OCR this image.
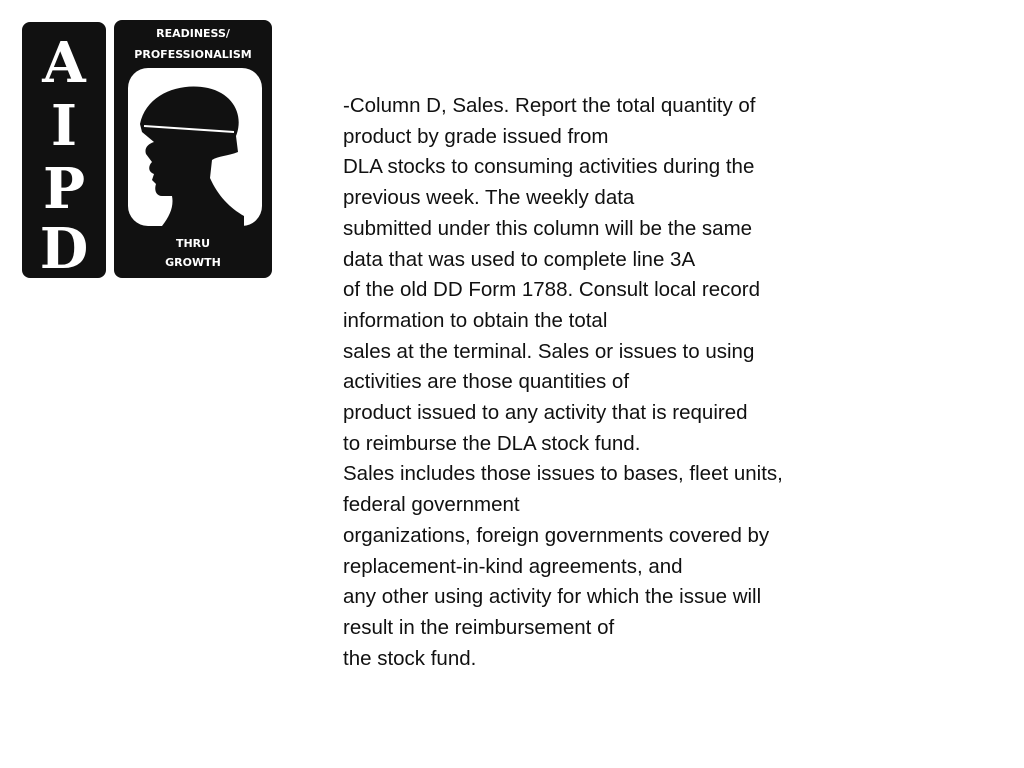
A
I
P
D
READINESS/
PROFESSIONALISM
THRU
GROWTH
-Column D, Sales. Report the total quantity of
product by grade issued from
DLA stocks to consuming activities during the
previous week. The weekly data
submitted under this column will be the same
data that was used to complete line 3A
of the old DD Form 1788. Consult local record
information to obtain the total
sales at the terminal. Sales or issues to using
activities are those quantities of
product issued to any activity that is required
to reimburse the DLA stock fund.
Sales includes those issues to bases, fleet units,
federal government
organizations, foreign governments covered by
replacement-in-kind agreements, and
any other using activity for which the issue will
result in the reimbursement of
the stock fund.
